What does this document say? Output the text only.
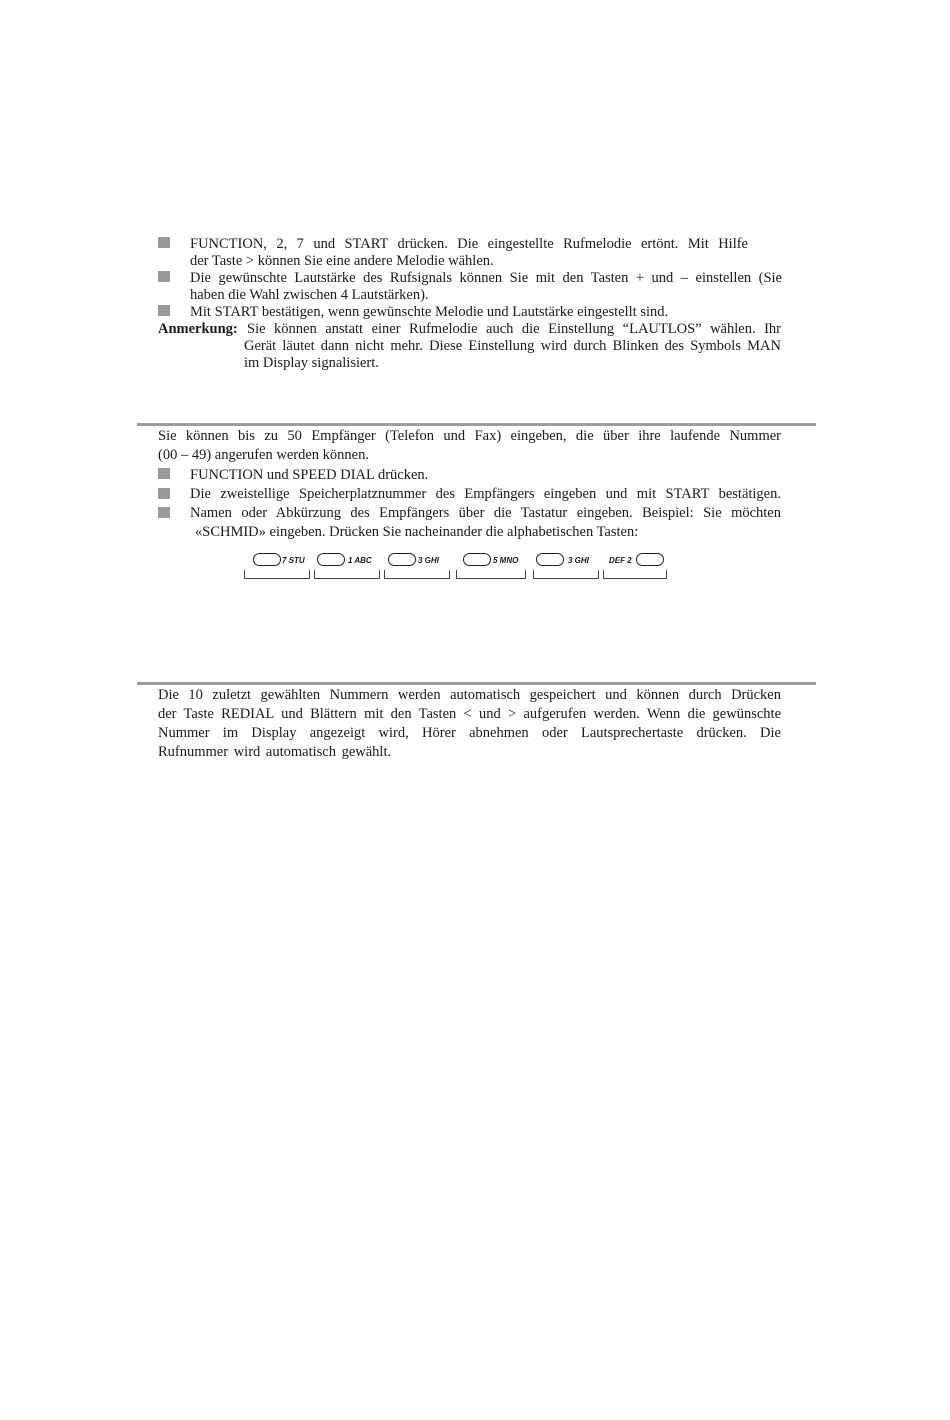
FUNCTION, 2, 7 und START drücken. Die eingestellte Rufmelodie ertönt. Mit Hilfe
der Taste > können Sie eine andere Melodie wählen.
Die gewünschte Lautstärke des Rufsignals können Sie mit den Tasten + und – einstellen (Sie
haben die Wahl zwischen 4 Lautstärken).
Mit START bestätigen, wenn gewünschte Melodie und Lautstärke eingestellt sind.
Anmerkung: Sie können anstatt einer Rufmelodie auch die Einstellung “LAUTLOS” wählen. Ihr
Gerät läutet dann nicht mehr. Diese Einstellung wird durch Blinken des Symbols MAN
im Display signalisiert.
Sie können bis zu 50 Empfänger (Telefon und Fax) eingeben, die über ihre laufende Nummer
(00 – 49) angerufen werden können.
FUNCTION und SPEED DIAL drücken.
Die zweistellige Speicherplatznummer des Empfängers eingeben und mit START bestätigen.
Namen oder Abkürzung des Empfängers über die Tastatur eingeben. Beispiel: Sie möchten
«SCHMID» eingeben. Drücken Sie nacheinander die alphabetischen Tasten:
7 STU	1 ABC	3 GHI	5 MNO	3 GHI	DEF 2
Die 10 zuletzt gewählten Nummern werden automatisch gespeichert und können durch Drücken
der Taste REDIAL und Blättern mit den Tasten < und > aufgerufen werden. Wenn die gewünschte
Nummer im Display angezeigt wird, Hörer abnehmen oder Lautsprechertaste drücken. Die
Rufnummer wird automatisch gewählt.
